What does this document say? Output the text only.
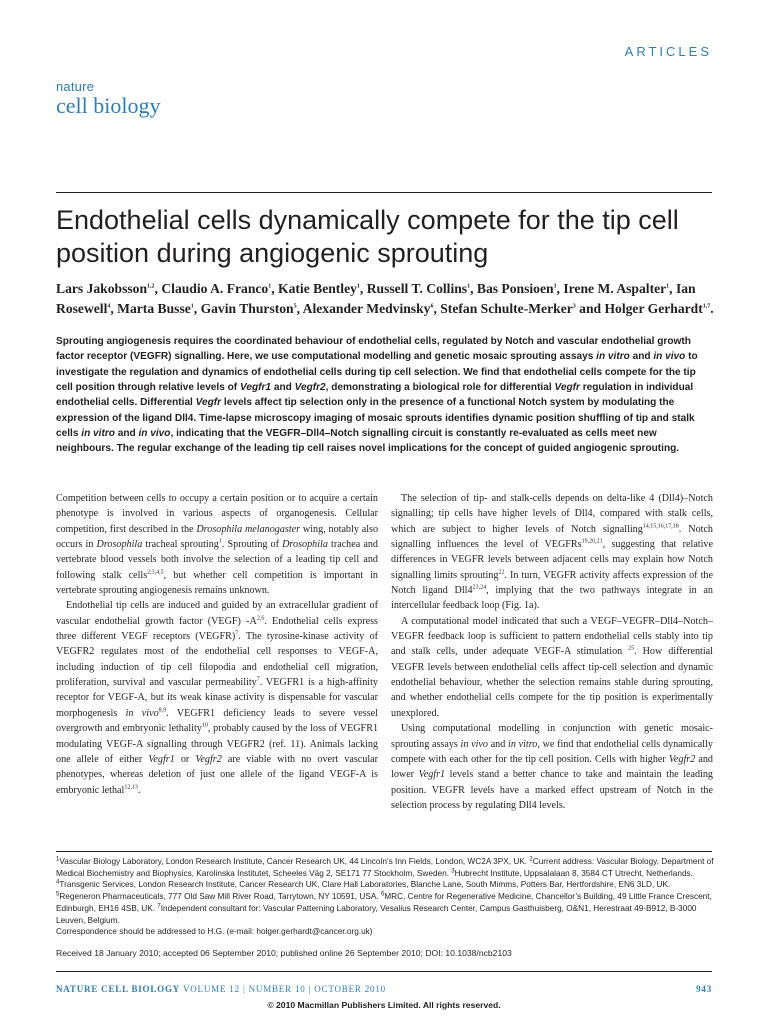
ARTICLES
nature
cell biology
Endothelial cells dynamically compete for the tip cell position during angiogenic sprouting

Lars Jakobsson$^{1,2}$, Claudio A. Franco$^1$, Katie Bentley$^1$, Russell T. Collins$^1$, Bas Ponsioen$^3$, Irene M. Aspalter$^1$, Ian Rosewell$^4$, Marta Busse$^1$, Gavin Thurston$^5$, Alexander Medvinsky$^6$, Stefan Schulte-Merker$^3$ and Holger Gerhardt$^{1,7}$.

Sprouting angiogenesis requires the coordinated behaviour of endothelial cells, regulated by Notch and vascular endothelial growth factor receptor (VEGFR) signalling. Here, we use computational modelling and genetic mosaic sprouting assays in vitro and in vivo to investigate the regulation and dynamics of endothelial cells during tip cell selection. We find that endothelial cells compete for the tip cell position through relative levels of Vegfr1 and Vegfr2, demonstrating a biological role for differential Vegfr regulation in individual endothelial cells. Differential Vegfr levels affect tip selection only in the presence of a functional Notch system by modulating the expression of the ligand Dll4. Time-lapse microscopy imaging of mosaic sprouts identifies dynamic position shuffling of tip and stalk cells in vitro and in vivo, indicating that the VEGFR–Dll4–Notch signalling circuit is constantly re-evaluated as cells meet new neighbours. The regular exchange of the leading tip cell raises novel implications for the concept of guided angiogenic sprouting.

Competition between cells to occupy a certain position or to acquire a certain phenotype is involved in various aspects of organogenesis. Cellular competition, first described in the Drosophila melanogaster wing, notably also occurs in Drosophila tracheal sprouting$^1$. Sprouting of Drosophila trachea and vertebrate blood vessels both involve the selection of a leading tip cell and following stalk cells$^{2,3,4,5}$, but whether cell competition is important in vertebrate sprouting angiogenesis remains unknown.

Endothelial tip cells are induced and guided by an extracellular gradient of vascular endothelial growth factor (VEGF) $-A^{2,6}$. Endothelial cells express three different VEGF receptors (VEGFR)$^7$. The tyrosine-kinase activity of VEGFR2 regulates most of the endothelial cell responses to VEGF-A, including induction of tip cell filopodia and endothelial cell migration, proliferation, survival and vascular permeability$^7$. VEGFR1 is a high-affinity receptor for VEGF-A, but its weak kinase activity is dispensable for vascular morphogenesis in vivo$^{8,9}$. VEGFR1 deficiency leads to severe vessel overgrowth and embryonic lethality$^{10}$, probably caused by the loss of VEGFR1 modulating VEGF-A signalling through VEGFR2 (ref. 11). Animals lacking one allele of either Vegfr1 or Vegfr2 are viable with no overt vascular phenotypes, whereas deletion of just one allele of the ligand VEGF-A is embryonic lethal$^{12,13}$.

The selection of tip- and stalk-cells depends on delta-like 4 (Dll4)–Notch signalling; tip cells have higher levels of Dll4, compared with stalk cells, which are subject to higher levels of Notch signalling$^{14,15,16,17,18}$. Notch signalling influences the level of VEGFRs$^{19,20,21}$, suggesting that relative differences in VEGFR levels between adjacent cells may explain how Notch signalling limits sprouting$^{22}$. In turn, VEGFR activity affects expression of the Notch ligand Dll4$^{23,24}$, implying that the two pathways integrate in an intercellular feedback loop (Fig. 1a).

A computational model indicated that such a VEGF–VEGFR–Dll4–Notch–VEGFR feedback loop is sufficient to pattern endothelial cells stably into tip and stalk cells, under adequate VEGF-A stimulation $^{25}$. How differential VEGFR levels between endothelial cells affect tip-cell selection and dynamic endothelial behaviour, whether the selection remains stable during sprouting, and whether endothelial cells compete for the tip position is experimentally unexplored.

Using computational modelling in conjunction with genetic mosaic-sprouting assays in vivo and in vitro, we find that endothelial cells dynamically compete with each other for the tip cell position. Cells with higher Vegfr2 and lower Vegfr1 levels stand a better chance to take and maintain the leading position. VEGFR levels have a marked effect upstream of Notch in the selection process by regulating Dll4 levels.

$^1$Vascular Biology Laboratory, London Research Institute, Cancer Research UK, 44 Lincoln’s Inn Fields, London, WC2A 3PX, UK. $^2$Current address: Vascular Biology, Department of Medical Biochemistry and Biophysics, Karolinska Institutet, Scheeles Väg 2, SE171 77 Stockholm, Sweden. $^3$Hubrecht Institute, Uppsalalaan 8, 3584 CT Utrecht, Netherlands. $^4$Transgenic Services, London Research Institute, Cancer Research UK, Clare Hall Laboratories, Blanche Lane, South Mimms, Potters Bar, Hertfordshire, EN6 3LD, UK. $^5$Regeneron Pharmaceuticals, 777 Old Saw Mill River Road, Tarrytown, NY 10591, USA. $^6$MRC, Centre for Regenerative Medicine, Chancellor’s Building, 49 Little France Crescent, Edinburgh, EH16 4SB, UK. $^7$Independent consultant for: Vascular Patterning Laboratory, Vesalius Research Center, Campus Gasthuisberg, O&N1, Herestraat 49-B912, B-3000 Leuven, Belgium.
Correspondence should be addressed to H.G. (e-mail: holger.gerhardt@cancer.org.uk)

Received 18 January 2010; accepted 06 September 2010; published online 26 September 2010; DOI: 10.1038/ncb2103
NATURE CELL BIOLOGY VOLUME 12 | NUMBER 10 | OCTOBER 2010	943
© 2010 Macmillan Publishers Limited. All rights reserved.
